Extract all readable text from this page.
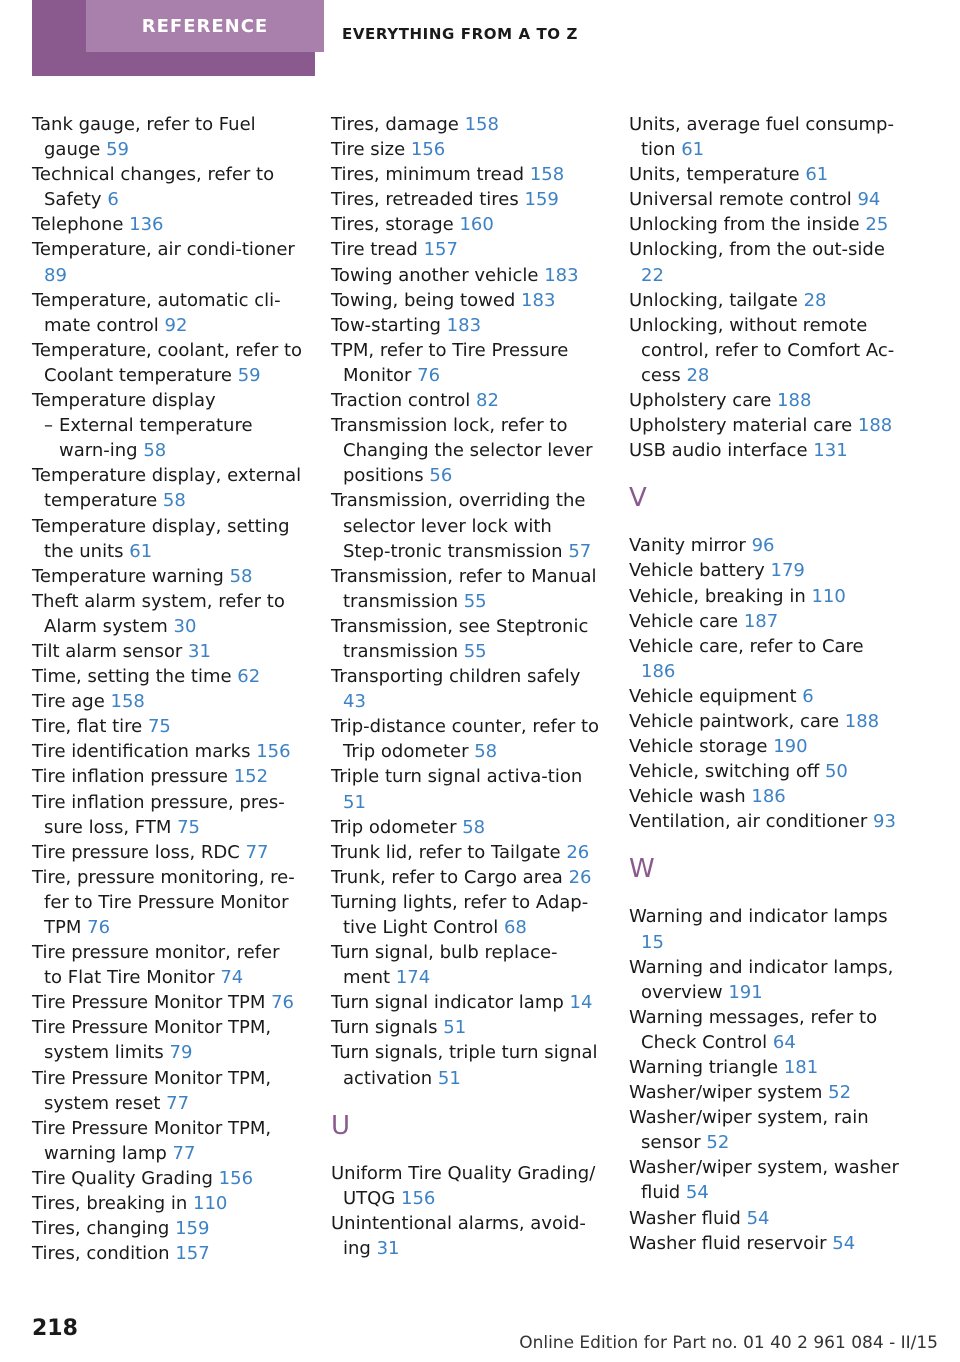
REFERENCE	EVERYTHING FROM A TO Z
Tank gauge, refer to Fuel gauge 59
Technical changes, refer to Safety 6
Telephone 136
Temperature, air condi-tioner 89
Temperature, automatic cli-mate control 92
Temperature, coolant, refer to Coolant temperature 59
Temperature display
– External temperature warn-ing 58
Temperature display, external temperature 58
Temperature display, setting the units 61
Temperature warning 58
Theft alarm system, refer to Alarm system 30
Tilt alarm sensor 31
Time, setting the time 62
Tire age 158
Tire, flat tire 75
Tire identification marks 156
Tire inflation pressure 152
Tire inflation pressure, pres-sure loss, FTM 75
Tire pressure loss, RDC 77
Tire, pressure monitoring, re-fer to Tire Pressure Monitor TPM 76
Tire pressure monitor, refer to Flat Tire Monitor 74
Tire Pressure Monitor TPM 76
Tire Pressure Monitor TPM, system limits 79
Tire Pressure Monitor TPM, system reset 77
Tire Pressure Monitor TPM, warning lamp 77
Tire Quality Grading 156
Tires, breaking in 110
Tires, changing 159
Tires, condition 157
Tires, damage 158
Tire size 156
Tires, minimum tread 158
Tires, retreaded tires 159
Tires, storage 160
Tire tread 157
Towing another vehicle 183
Towing, being towed 183
Tow-starting 183
TPM, refer to Tire Pressure Monitor 76
Traction control 82
Transmission lock, refer to Changing the selector lever positions 56
Transmission, overriding the selector lever lock with Step-tronic transmission 57
Transmission, refer to Manual transmission 55
Transmission, see Steptronic transmission 55
Transporting children safely 43
Trip-distance counter, refer to Trip odometer 58
Triple turn signal activa-tion 51
Trip odometer 58
Trunk lid, refer to Tailgate 26
Trunk, refer to Cargo area 26
Turning lights, refer to Adap-tive Light Control 68
Turn signal, bulb replace-ment 174
Turn signal indicator lamp 14
Turn signals 51
Turn signals, triple turn signal activation 51
U
Uniform Tire Quality Grading/ UTQG 156
Unintentional alarms, avoid-ing 31
Units, average fuel consump-tion 61
Units, temperature 61
Universal remote control 94
Unlocking from the inside 25
Unlocking, from the out-side 22
Unlocking, tailgate 28
Unlocking, without remote control, refer to Comfort Ac-cess 28
Upholstery care 188
Upholstery material care 188
USB audio interface 131
V
Vanity mirror 96
Vehicle battery 179
Vehicle, breaking in 110
Vehicle care 187
Vehicle care, refer to Care 186
Vehicle equipment 6
Vehicle paintwork, care 188
Vehicle storage 190
Vehicle, switching off 50
Vehicle wash 186
Ventilation, air conditioner 93
W
Warning and indicator lamps 15
Warning and indicator lamps, overview 191
Warning messages, refer to Check Control 64
Warning triangle 181
Washer/wiper system 52
Washer/wiper system, rain sensor 52
Washer/wiper system, washer fluid 54
Washer fluid 54
Washer fluid reservoir 54
218
Online Edition for Part no. 01 40 2 961 084 - II/15
